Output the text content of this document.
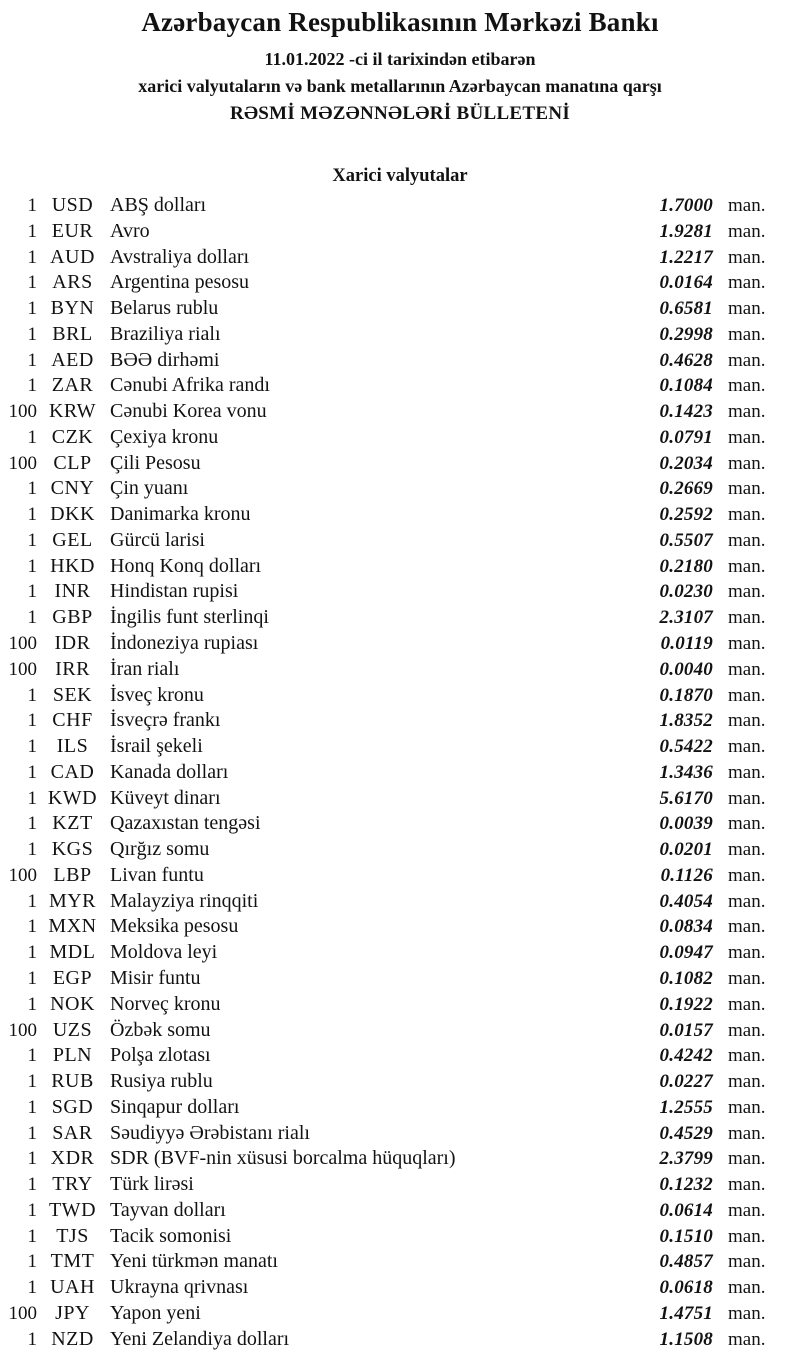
Azərbaycan Respublikasının Mərkəzi Bankı
11.01.2022 -ci il tarixindən etibarən
xarici valyutaların və bank metallarının Azərbaycan manatına qarşı
RƏSMİ MƏZƏNNƏLƏRİ BÜLLETENİ
Xarici valyutalar
1 USD ABŞ dolları	1.7000 man.
1 EUR Avro	1.9281 man.
1 AUD Avstraliya dolları	1.2217 man.
1 ARS Argentina pesosu	0.0164 man.
1 BYN Belarus rublu	0.6581 man.
1 BRL Braziliya rialı	0.2998 man.
1 AED BƏƏ dirhəmi	0.4628 man.
1 ZAR Cənubi Afrika randı	0.1084 man.
100 KRW Cənubi Korea vonu	0.1423 man.
1 CZK Çexiya kronu	0.0791 man.
100 CLP Çili Pesosu	0.2034 man.
1 CNY Çin yuanı	0.2669 man.
1 DKK Danimarka kronu	0.2592 man.
1 GEL Gürcü larisi	0.5507 man.
1 HKD Honq Konq dolları	0.2180 man.
1 INR Hindistan rupisi	0.0230 man.
1 GBP İngilis funt sterlinqi	2.3107 man.
100 IDR İndoneziya rupiası	0.0119 man.
100 IRR	İran rialı	0.0040 man.
1 SEK İsveç kronu	0.1870 man.
1 CHF İsveçrə frankı	1.8352 man.
1 ILS	İsrail şekeli	0.5422 man.
1 CAD Kanada dolları	1.3436 man.
1 KWD Küveyt dinarı	5.6170 man.
1 KZT Qazaxıstan tengəsi	0.0039 man.
1 KGS Qırğız somu	0.0201 man.
100 LBP Livan funtu	0.1126 man.
1 MYR Malayziya rinqqiti	0.4054 man.
1 MXN Meksika pesosu	0.0834 man.
1 MDL Moldova leyi	0.0947 man.
1 EGP Misir funtu	0.1082 man.
1 NOK Norveç kronu	0.1922 man.
100 UZS Özbək somu	0.0157 man.
1 PLN Polşa zlotası	0.4242 man.
1 RUB Rusiya rublu	0.0227 man.
1 SGD Sinqapur dolları	1.2555 man.
1 SAR Səudiyyə Ərəbistanı rialı	0.4529 man.
1 XDR SDR (BVF-nin xüsusi borcalma hüquqları)	2.3799 man.
1 TRY Türk lirəsi	0.1232 man.
1 TWD Tayvan dolları	0.0614 man.
1 TJS	Tacik somonisi	0.1510 man.
1 TMT Yeni türkmən manatı	0.4857 man.
1 UAH Ukrayna qrivnası	0.0618 man.
100 JPY	Yapon yeni	1.4751 man.
1 NZD Yeni Zelandiya dolları	1.1508 man.
